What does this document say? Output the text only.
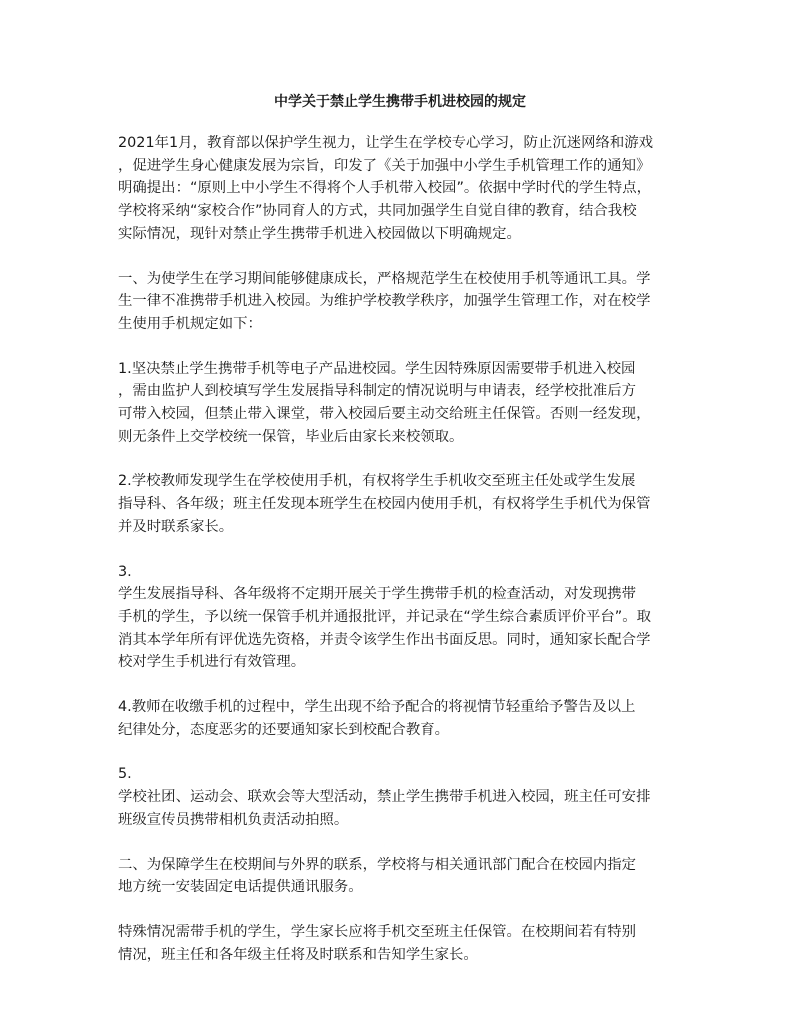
中学关于禁止学生携带手机进校园的规定

2021年1月，教育部以保护学生视力，让学生在学校专心学习，防止沉迷网络和游戏
，促进学生身心健康发展为宗旨，印发了《关于加强中小学生手机管理工作的通知》
明确提出：“原则上中小学生不得将个人手机带入校园”。依据中学时代的学生特点，
学校将采纳“家校合作”协同育人的方式，共同加强学生自觉自律的教育，结合我校
实际情况，现针对禁止学生携带手机进入校园做以下明确规定。

一、为使学生在学习期间能够健康成长，严格规范学生在校使用手机等通讯工具。学
生一律不准携带手机进入校园。为维护学校教学秩序，加强学生管理工作，对在校学
生使用手机规定如下：

1.坚决禁止学生携带手机等电子产品进校园。学生因特殊原因需要带手机进入校园
，需由监护人到校填写学生发展指导科制定的情况说明与申请表，经学校批准后方
可带入校园，但禁止带入课堂，带入校园后要主动交给班主任保管。否则一经发现，
则无条件上交学校统一保管，毕业后由家长来校领取。

2.学校教师发现学生在学校使用手机，有权将学生手机收交至班主任处或学生发展
指导科、各年级；班主任发现本班学生在校园内使用手机，有权将学生手机代为保管
并及时联系家长。

3.
学生发展指导科、各年级将不定期开展关于学生携带手机的检查活动，对发现携带
手机的学生，予以统一保管手机并通报批评，并记录在“学生综合素质评价平台”。取
消其本学年所有评优选先资格，并责令该学生作出书面反思。同时，通知家长配合学
校对学生手机进行有效管理。

4.教师在收缴手机的过程中，学生出现不给予配合的将视情节轻重给予警告及以上
纪律处分，态度恶劣的还要通知家长到校配合教育。

5.
学校社团、运动会、联欢会等大型活动，禁止学生携带手机进入校园，班主任可安排
班级宣传员携带相机负责活动拍照。

二、为保障学生在校期间与外界的联系，学校将与相关通讯部门配合在校园内指定
地方统一安装固定电话提供通讯服务。

特殊情况需带手机的学生，学生家长应将手机交至班主任保管。在校期间若有特别
情况，班主任和各年级主任将及时联系和告知学生家长。
